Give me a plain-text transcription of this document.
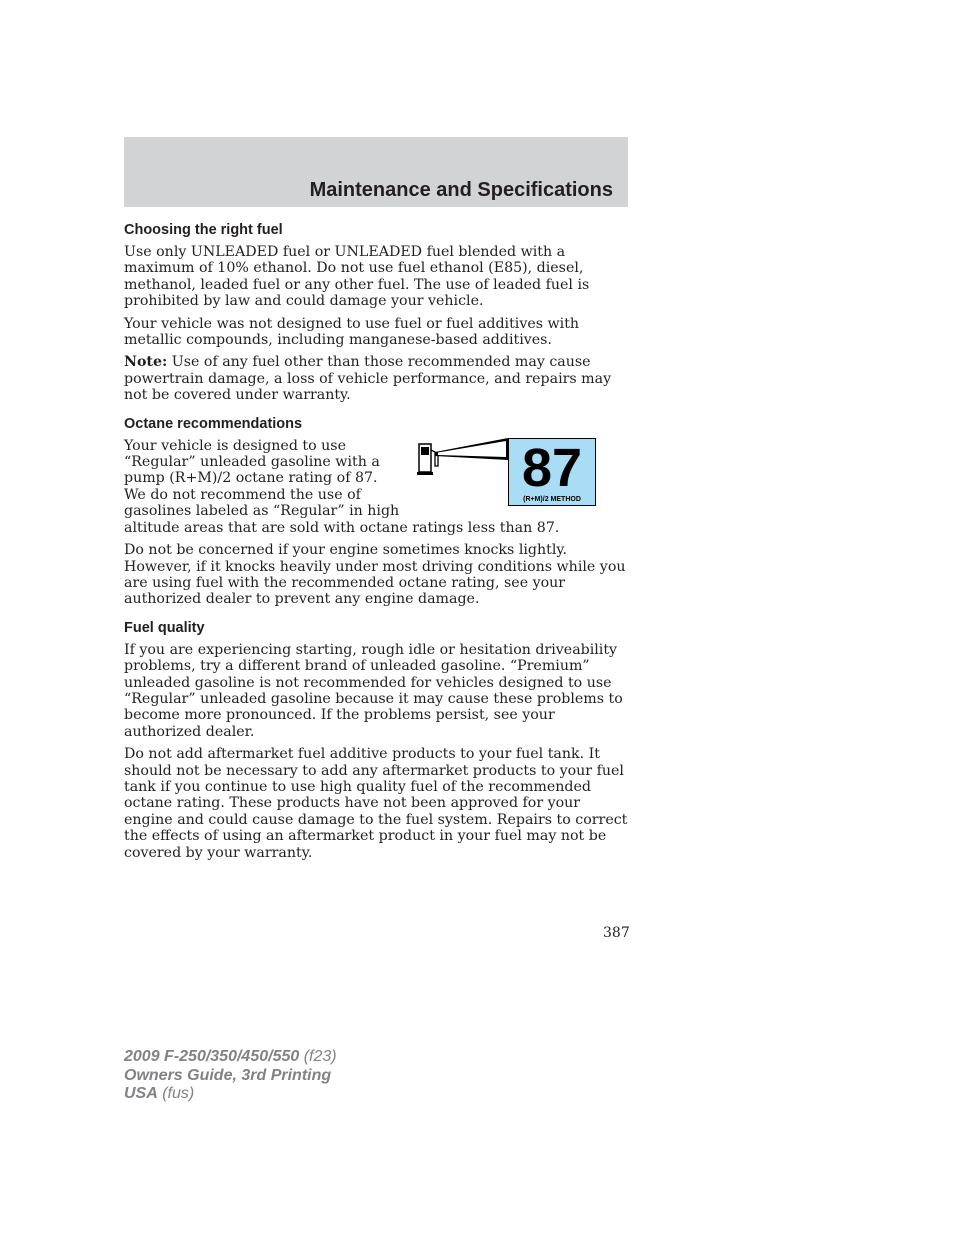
Maintenance and Specifications
Choosing the right fuel

Use only UNLEADED fuel or UNLEADED fuel blended with a maximum of 10% ethanol. Do not use fuel ethanol (E85), diesel, methanol, leaded fuel or any other fuel. The use of leaded fuel is prohibited by law and could damage your vehicle.

Your vehicle was not designed to use fuel or fuel additives with metallic compounds, including manganese-based additives.

Note: Use of any fuel other than those recommended may cause powertrain damage, a loss of vehicle performance, and repairs may not be covered under warranty.

Octane recommendations
87
(R+M)/2 METHOD

Your vehicle is designed to use “Regular” unleaded gasoline with a pump (R+M)/2 octane rating of 87. We do not recommend the use of gasolines labeled as “Regular” in high altitude areas that are sold with octane ratings less than 87.

Do not be concerned if your engine sometimes knocks lightly. However, if it knocks heavily under most driving conditions while you are using fuel with the recommended octane rating, see your authorized dealer to prevent any engine damage.

Fuel quality

If you are experiencing starting, rough idle or hesitation driveability problems, try a different brand of unleaded gasoline. “Premium” unleaded gasoline is not recommended for vehicles designed to use “Regular” unleaded gasoline because it may cause these problems to become more pronounced. If the problems persist, see your authorized dealer.

Do not add aftermarket fuel additive products to your fuel tank. It should not be necessary to add any aftermarket products to your fuel tank if you continue to use high quality fuel of the recommended octane rating. These products have not been approved for your engine and could cause damage to the fuel system. Repairs to correct the effects of using an aftermarket product in your fuel may not be covered by your warranty.

387
2009 F-250/350/450/550 (f23)
Owners Guide, 3rd Printing
USA (fus)
